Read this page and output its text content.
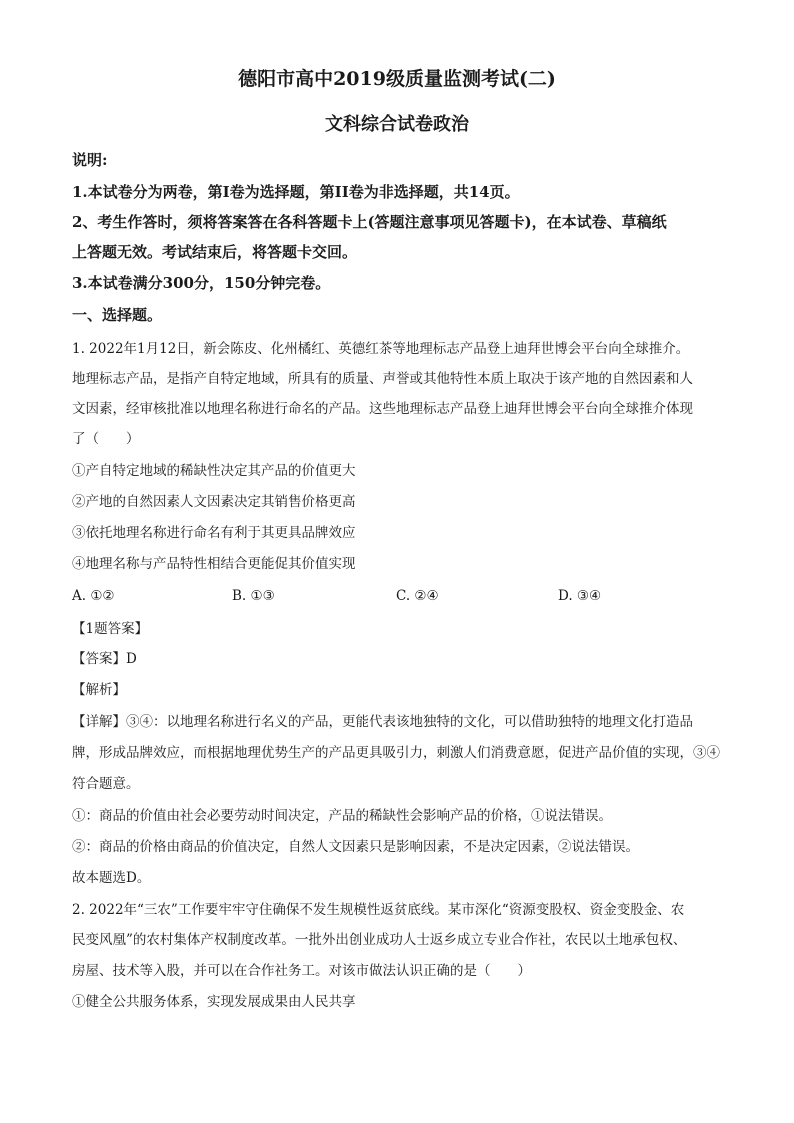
德阳市高中2019级质量监测考试(二)
文科综合试卷政治
说明:
1.本试卷分为两卷，第I卷为选择题，第II卷为非选择题，共14页。
2、考生作答时，须将答案答在各科答题卡上(答题注意事项见答题卡)，在本试卷、草稿纸
上答题无效。考试结束后，将答题卡交回。
3.本试卷满分300分，150分钟完卷。
一、选择题。
1. 2022年1月12日，新会陈皮、化州橘红、英德红茶等地理标志产品登上迪拜世博会平台向全球推介。
地理标志产品，是指产自特定地域，所具有的质量、声誉或其他特性本质上取决于该产地的自然因素和人
文因素，经审核批准以地理名称进行命名的产品。这些地理标志产品登上迪拜世博会平台向全球推介体现
了（　　）
①产自特定地域的稀缺性决定其产品的价值更大
②产地的自然因素人文因素决定其销售价格更高
③依托地理名称进行命名有利于其更具品牌效应
④地理名称与产品特性相结合更能促其价值实现
A. ①②	B. ①③	C. ②④	D. ③④
【1题答案】
【答案】D
【解析】
【详解】③④：以地理名称进行名义的产品，更能代表该地独特的文化，可以借助独特的地理文化打造品
牌，形成品牌效应，而根据地理优势生产的产品更具吸引力，刺激人们消费意愿，促进产品价值的实现，③④
符合题意。
①：商品的价值由社会必要劳动时间决定，产品的稀缺性会影响产品的价格，①说法错误。
②：商品的价格由商品的价值决定，自然人文因素只是影响因素，不是决定因素，②说法错误。
故本题选D。
2. 2022年“三农”工作要牢牢守住确保不发生规模性返贫底线。某市深化“资源变股权、资金变股金、农
民变风凰”的农村集体产权制度改革。一批外出创业成功人士返乡成立专业合作社，农民以土地承包权、
房屋、技术等入股，并可以在合作社务工。对该市做法认识正确的是（　　）
①健全公共服务体系，实现发展成果由人民共享
